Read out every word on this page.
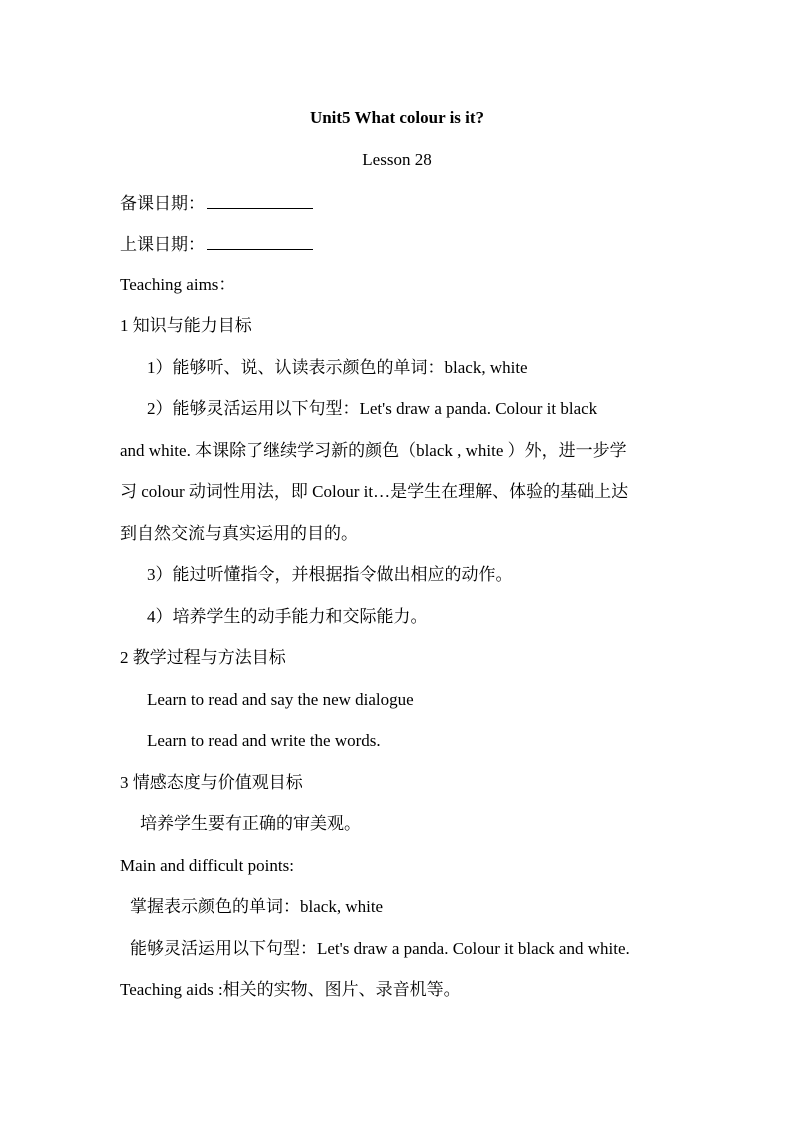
Unit5 What colour is it?
Lesson 28
备课日期：
上课日期：
Teaching aims：
1 知识与能力目标
1）能够听、说、认读表示颜色的单词：black, white
2）能够灵活运用以下句型：Let's draw a panda. Colour it black
and white. 本课除了继续学习新的颜色（black , white ）外，进一步学
习 colour 动词性用法，即 Colour it…是学生在理解、体验的基础上达
到自然交流与真实运用的目的。
3）能过听懂指令，并根据指令做出相应的动作。
4）培养学生的动手能力和交际能力。
2 教学过程与方法目标
Learn to read and say the new dialogue
Learn to read and write the words.
3 情感态度与价值观目标
培养学生要有正确的审美观。
Main and difficult points:
掌握表示颜色的单词：black, white
能够灵活运用以下句型：Let's draw a panda. Colour it black and white.
Teaching aids :相关的实物、图片、录音机等。
